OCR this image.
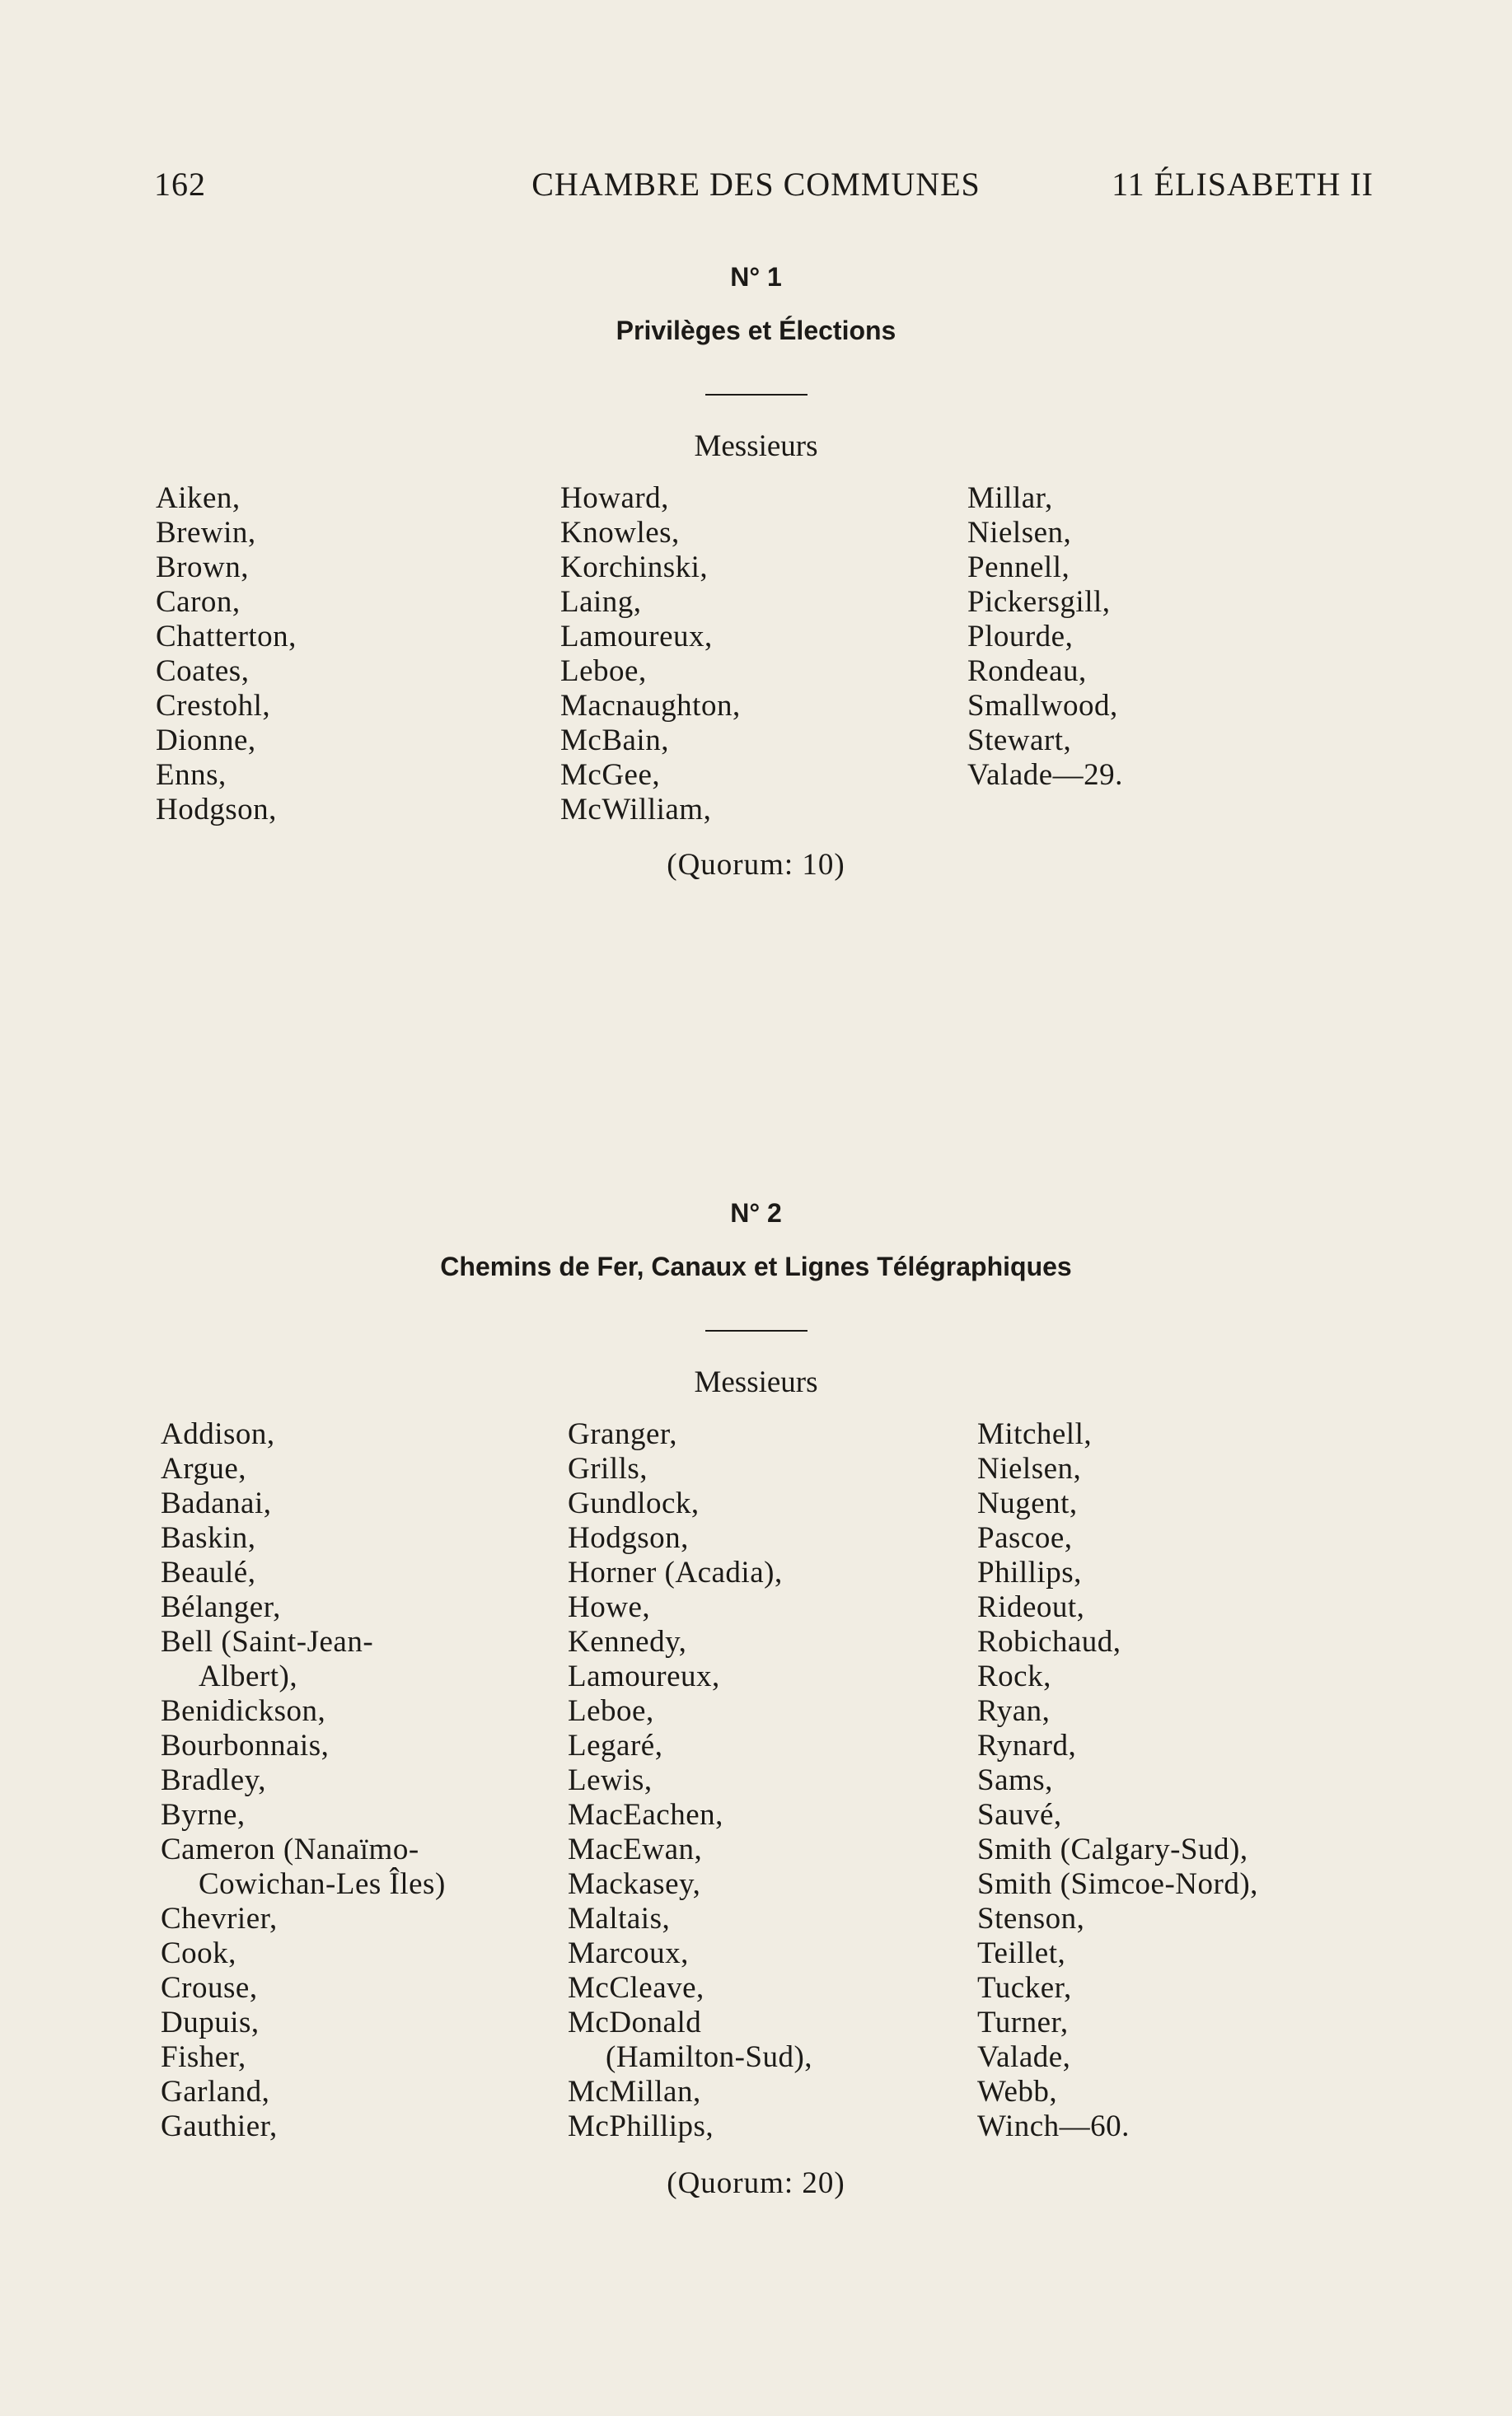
162	CHAMBRE DES COMMUNES	11 ÉLISABETH II
N° 1
Privilèges et Élections
Messieurs
Aiken,
Brewin,
Brown,
Caron,
Chatterton,
Coates,
Crestohl,
Dionne,
Enns,
Hodgson,
Howard,
Knowles,
Korchinski,
Laing,
Lamoureux,
Leboe,
Macnaughton,
McBain,
McGee,
McWilliam,
Millar,
Nielsen,
Pennell,
Pickersgill,
Plourde,
Rondeau,
Smallwood,
Stewart,
Valade—29.
(Quorum: 10)
N° 2
Chemins de Fer, Canaux et Lignes Télégraphiques
Messieurs
Addison,
Argue,
Badanai,
Baskin,
Beaulé,
Bélanger,
Bell (Saint-Jean-
Albert),
Benidickson,
Bourbonnais,
Bradley,
Byrne,
Cameron (Nanaïmo-
Cowichan-Les Îles)
Chevrier,
Cook,
Crouse,
Dupuis,
Fisher,
Garland,
Gauthier,
Granger,
Grills,
Gundlock,
Hodgson,
Horner (Acadia),
Howe,
Kennedy,
Lamoureux,
Leboe,
Legaré,
Lewis,
MacEachen,
MacEwan,
Mackasey,
Maltais,
Marcoux,
McCleave,
McDonald
(Hamilton-Sud),
McMillan,
McPhillips,
Mitchell,
Nielsen,
Nugent,
Pascoe,
Phillips,
Rideout,
Robichaud,
Rock,
Ryan,
Rynard,
Sams,
Sauvé,
Smith (Calgary-Sud),
Smith (Simcoe-Nord),
Stenson,
Teillet,
Tucker,
Turner,
Valade,
Webb,
Winch—60.
(Quorum: 20)
